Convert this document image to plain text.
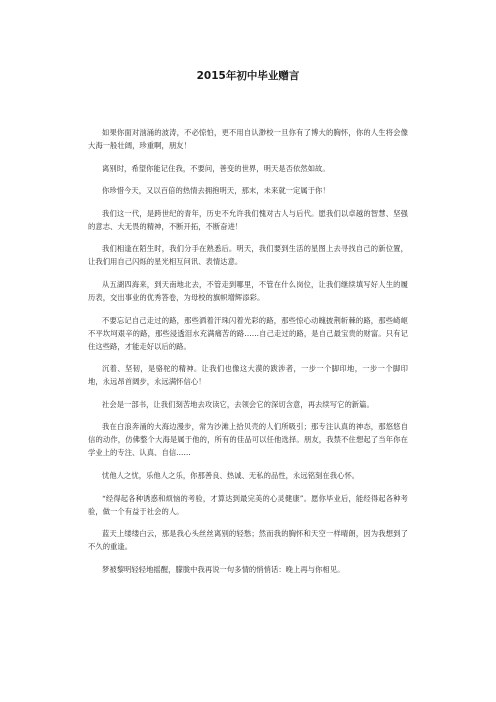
2015年初中毕业赠言

如果你面对汹涌的波涛，不必惊怕，更不用自认渺校一旦你有了博大的胸怀，你的人生将会像大海一般壮阔，珍重啊，朋友！

离别时，希望你能记住我，不要问，善变的世界，明天是否依然如故。

你珍惜今天，又以百倍的热情去拥抱明天，那末，未来就一定属于你！

我们这一代，是跨世纪的青年，历史不允许我们愧对古人与后代。愿我们以卓越的智慧、坚强的意志、大无畏的精神，不断开拓，不断奋进！

我们相逢在陌生时，我们分手在熟悉后。明天，我们要到生活的星图上去寻找自己的新位置，让我们用自己闪烁的星光相互问讯、表情达意。

从五湖四海来，到天南地北去，不管走到哪里，不管在什么岗位，让我们继续填写好人生的履历表，交出事业的优秀答卷，为母校的旗帜增辉添彩。

不要忘记自己走过的路，那些洒着汗珠闪着光彩的路，那些惊心动魄披荆斩棘的路，那些崎岖不平坎坷艰辛的路，那些浸透泪水充满痛苦的路……自己走过的路，是自己最宝贵的财富。只有记住这些路，才能走好以后的路。

沉着、坚韧，是骆驼的精神。让我们也像这大漠的跋涉者，一步一个脚印地，一步一个脚印地，永远昂首阔步，永远满怀信心！

社会是一部书，让我们刻苦地去攻读它，去领会它的深切含意，再去续写它的新篇。

我在白浪奔涌的大海边漫步，常为沙滩上拾贝壳的人们所吸引；那专注认真的神态，那悠悠自信的动作，仿佛整个大海是属于他的，所有的佳品可以任他选择。朋友，我禁不住想起了当年你在学业上的专注、认真、自信……

忧他人之忧，乐他人之乐，你那善良、热诚、无私的品性，永远铭刻在我心怀。

“经得起各种诱惑和烦恼的考验，才算达到最完美的心灵健康”。愿你毕业后，能经得起各种考验，做一个有益于社会的人。

蓝天上缕缕白云，那是我心头丝丝离别的轻愁；然而我的胸怀和天空一样晴朗，因为我想到了不久的重逢。

梦被黎明轻轻地摇醒，朦胧中我再说一句多情的悄悄话：晚上再与你相见。
